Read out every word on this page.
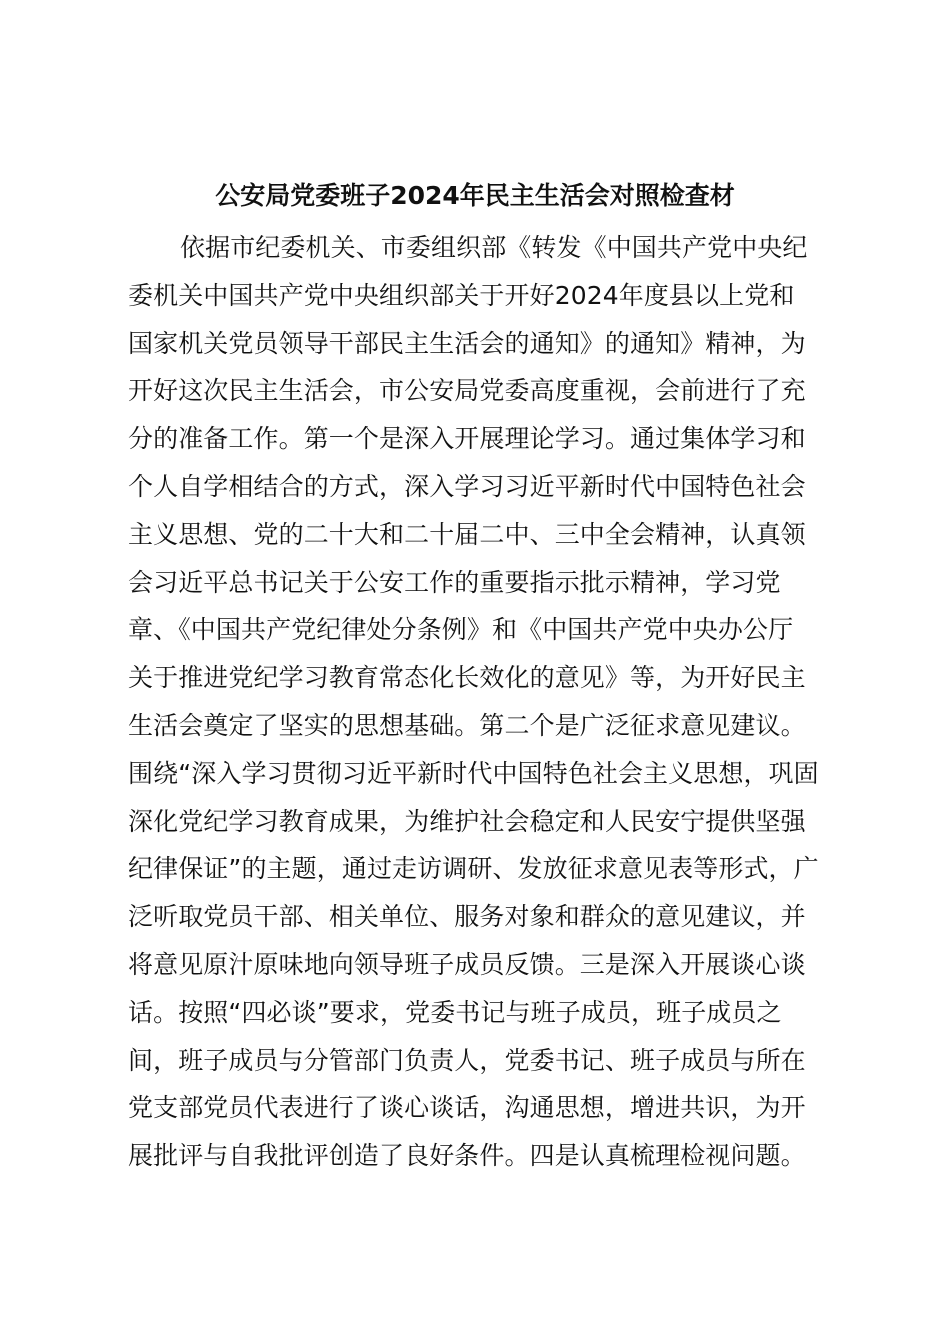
公安局党委班子2024年民主生活会对照检查材
依据市纪委机关、市委组织部《转发《中国共产党中央纪
委机关中国共产党中央组织部关于开好2024年度县以上党和
国家机关党员领导干部民主生活会的通知》的通知》精神，为
开好这次民主生活会，市公安局党委高度重视，会前进行了充
分的准备工作。第一个是深入开展理论学习。通过集体学习和
个人自学相结合的方式，深入学习习近平新时代中国特色社会
主义思想、党的二十大和二十届二中、三中全会精神，认真领
会习近平总书记关于公安工作的重要指示批示精神，学习党
章、《中国共产党纪律处分条例》和《中国共产党中央办公厅
关于推进党纪学习教育常态化长效化的意见》等，为开好民主
生活会奠定了坚实的思想基础。第二个是广泛征求意见建议。
围绕“深入学习贯彻习近平新时代中国特色社会主义思想，巩固
深化党纪学习教育成果，为维护社会稳定和人民安宁提供坚强
纪律保证”的主题，通过走访调研、发放征求意见表等形式，广
泛听取党员干部、相关单位、服务对象和群众的意见建议，并
将意见原汁原味地向领导班子成员反馈。三是深入开展谈心谈
话。按照“四必谈”要求，党委书记与班子成员，班子成员之
间，班子成员与分管部门负责人，党委书记、班子成员与所在
党支部党员代表进行了谈心谈话，沟通思想，增进共识，为开
展批评与自我批评创造了良好条件。四是认真梳理检视问题。
